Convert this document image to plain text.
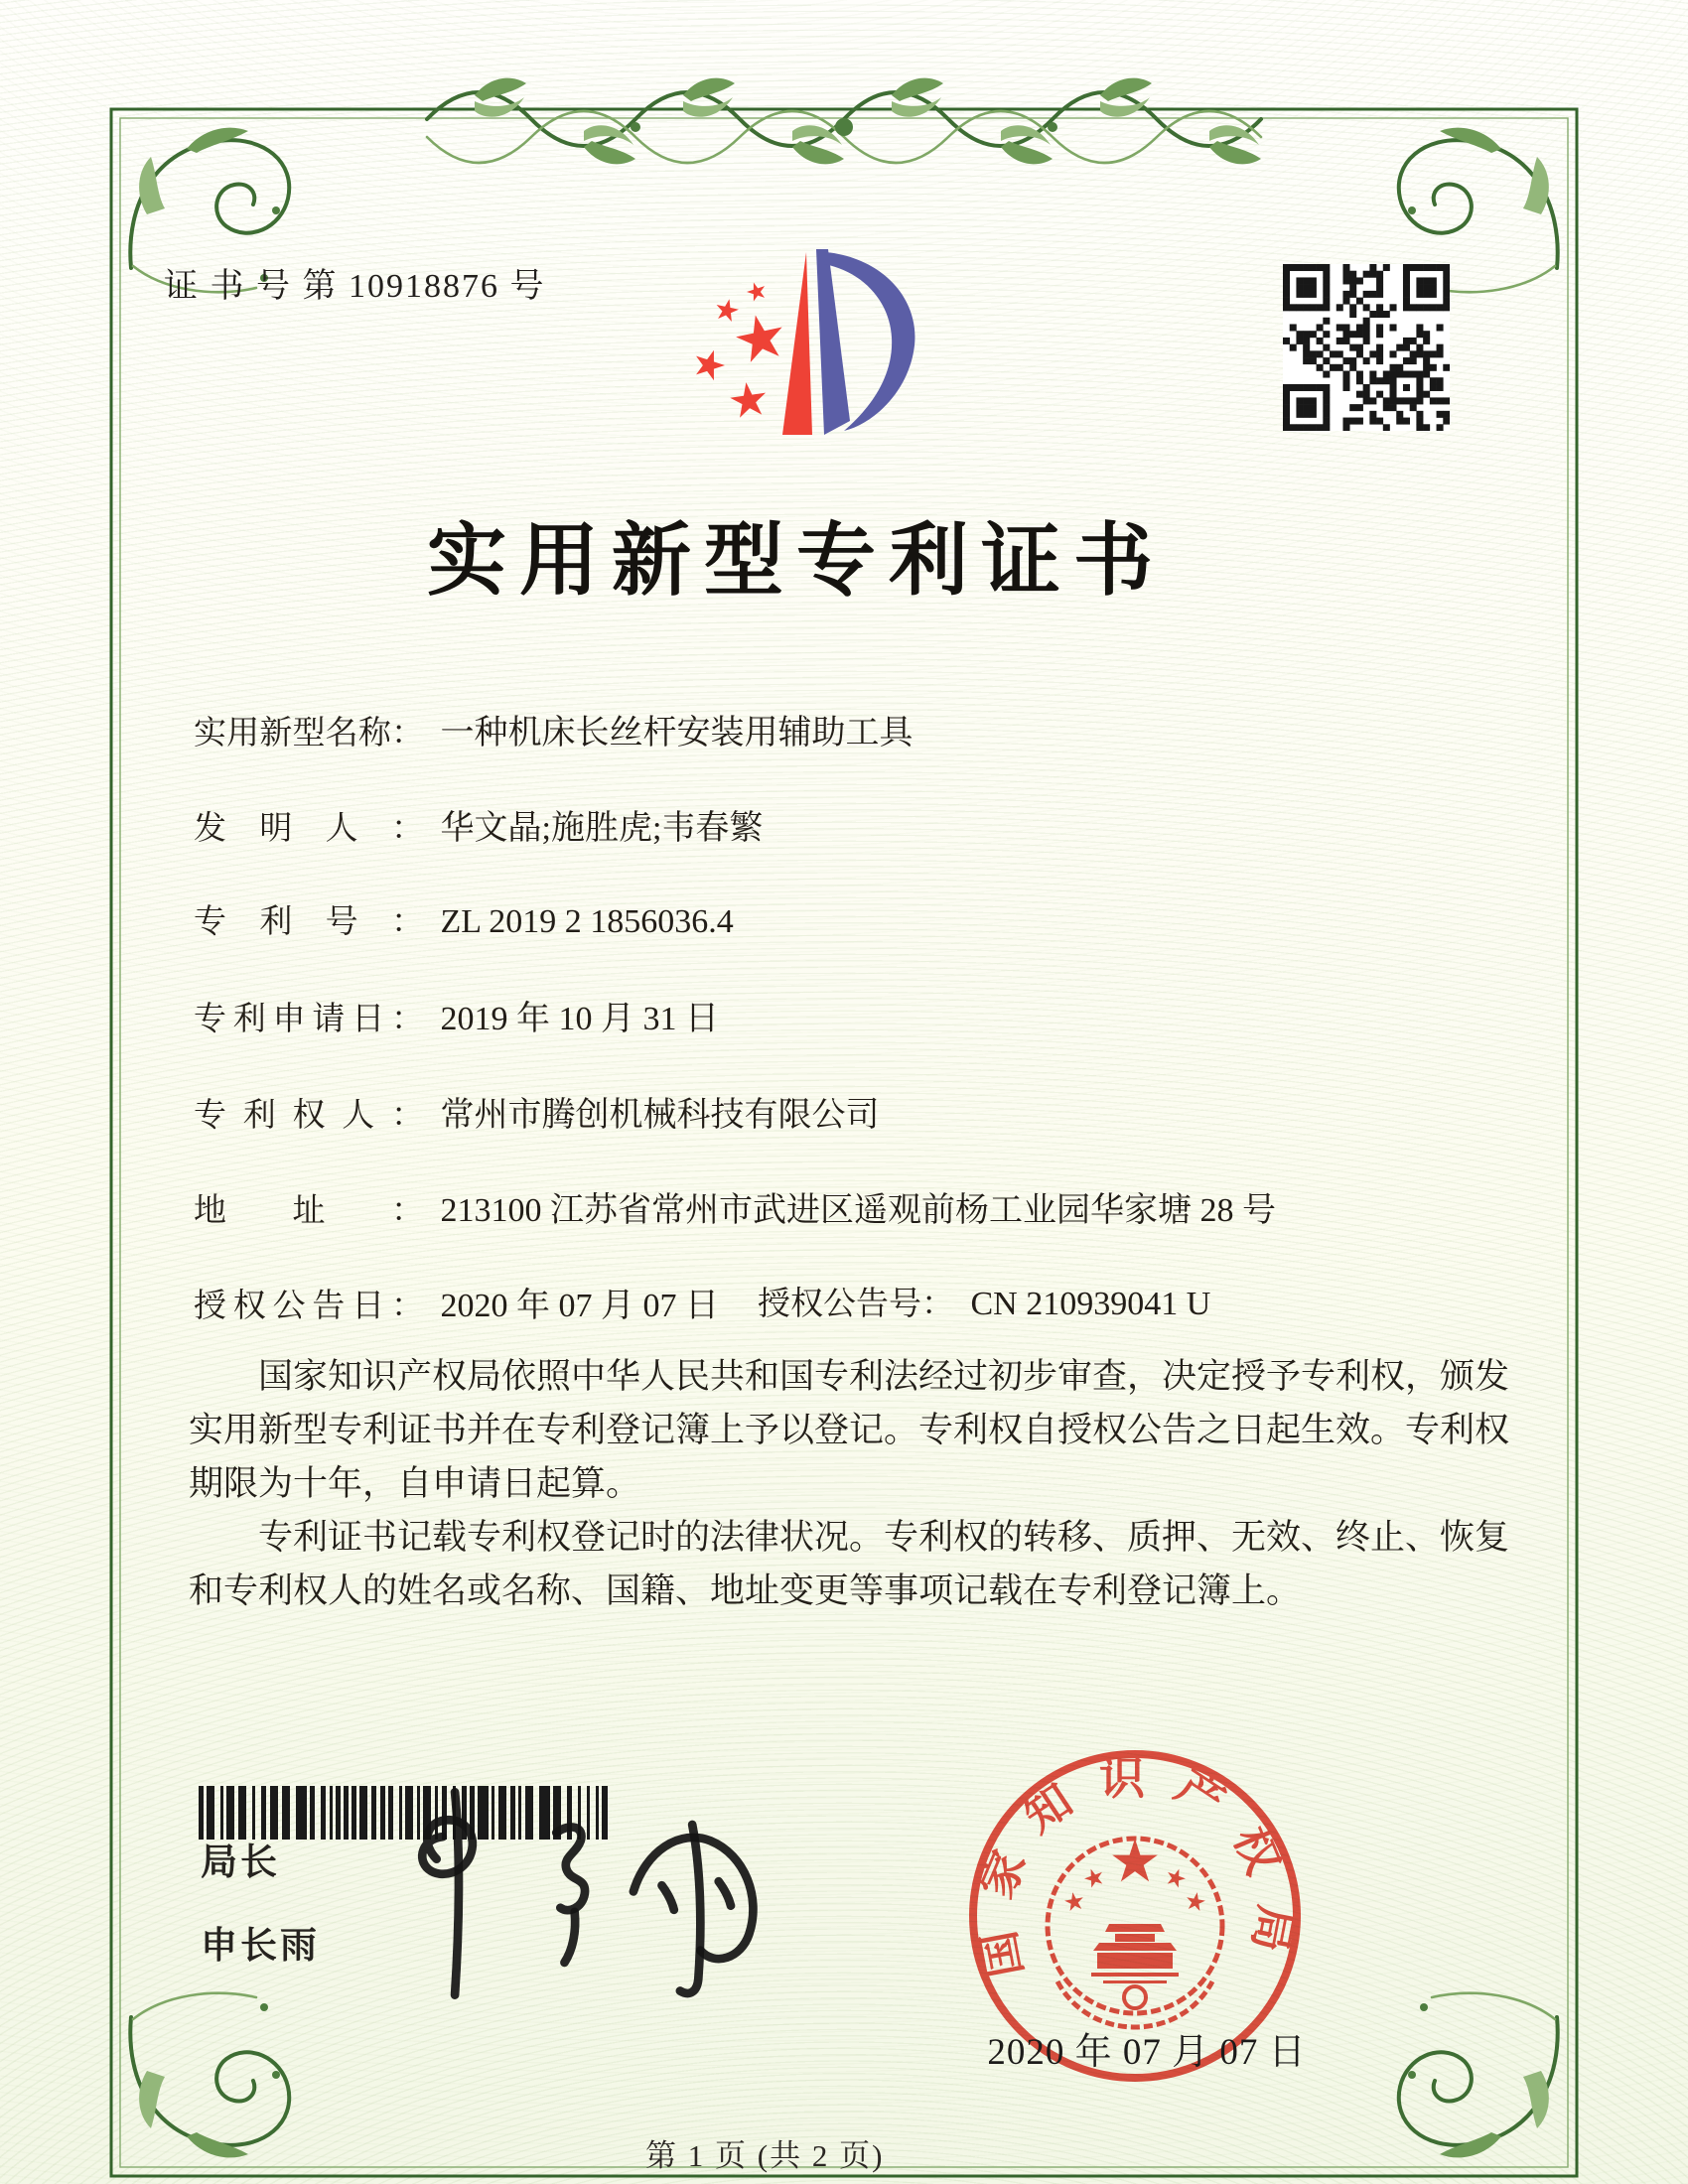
证 书 号 第 10918876 号
实用新型专利证书
实用新型名称： 一种机床长丝杆安装用辅助工具
发明人： 华文晶;施胜虎;韦春繁
专利号： ZL 2019 2 1856036.4
专利申请日： 2019 年 10 月 31 日
专利权人： 常州市腾创机械科技有限公司
地址： 213100 江苏省常州市武进区遥观前杨工业园华家塘 28 号
授权公告日： 2020 年 07 月 07 日 授权公告号： CN 210939041 U

国家知识产权局依照中华人民共和国专利法经过初步审查，决定授予专利权，颁发实用新型专利证书并在专利登记簿上予以登记。专利权自授权公告之日起生效。专利权期限为十年，自申请日起算。

专利证书记载专利权登记时的法律状况。专利权的转移、质押、无效、终止、恢复和专利权人的姓名或名称、国籍、地址变更等事项记载在专利登记簿上。

局长
申长雨	国家知识产权局
2020 年 07 月 07 日
第 1 页 (共 2 页)
